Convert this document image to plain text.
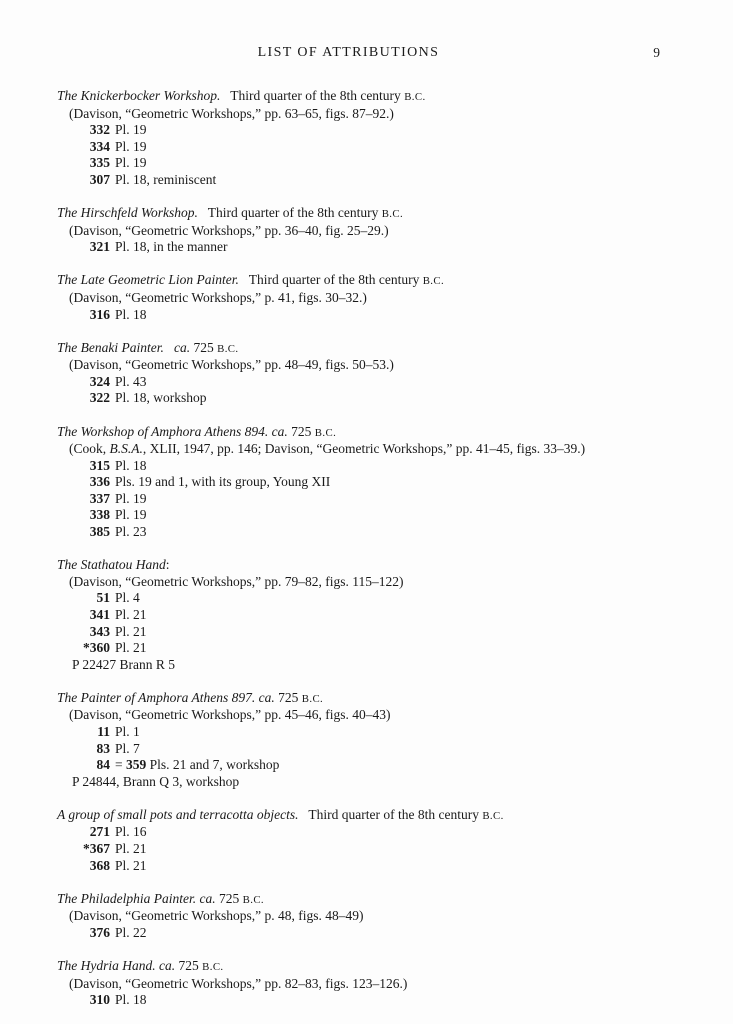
LIST OF ATTRIBUTIONS	9

The Knickerbocker Workshop.   Third quarter of the 8th century B.C.

(Davison, “Geometric Workshops,” pp. 63–65, figs. 87–92.)

332 Pl. 19
334 Pl. 19
335 Pl. 19
307 Pl. 18, reminiscent

The Hirschfeld Workshop.   Third quarter of the 8th century B.C.

(Davison, “Geometric Workshops,” pp. 36–40, fig. 25–29.)

321 Pl. 18, in the manner

The Late Geometric Lion Painter.   Third quarter of the 8th century B.C.

(Davison, “Geometric Workshops,” p. 41, figs. 30–32.)

316 Pl. 18

The Benaki Painter. ca. 725 B.C.

(Davison, “Geometric Workshops,” pp. 48–49, figs. 50–53.)

324 Pl. 43
322 Pl. 18, workshop

The Workshop of Amphora Athens 894. ca. 725 B.C.

(Cook, B.S.A., XLII, 1947, pp. 146; Davison, “Geometric Workshops,” pp. 41–45, figs. 33–39.)

315 Pl. 18
336 Pls. 19 and 1, with its group, Young XII
337 Pl. 19
338 Pl. 19
385 Pl. 23

The Stathatou Hand:

(Davison, “Geometric Workshops,” pp. 79–82, figs. 115–122)

51 Pl. 4
341 Pl. 21
343 Pl. 21
*360 Pl. 21

P 22427 Brann R 5

The Painter of Amphora Athens 897. ca. 725 B.C.

(Davison, “Geometric Workshops,” pp. 45–46, figs. 40–43)

11 Pl. 1
83 Pl. 7
84 = 359 Pls. 21 and 7, workshop

P 24844, Brann Q 3, workshop

A group of small pots and terracotta objects.   Third quarter of the 8th century B.C.

271 Pl. 16
*367 Pl. 21
368 Pl. 21

The Philadelphia Painter. ca. 725 B.C.

(Davison, “Geometric Workshops,” p. 48, figs. 48–49)

376 Pl. 22

The Hydria Hand. ca. 725 B.C.

(Davison, “Geometric Workshops,” pp. 82–83, figs. 123–126.)

310 Pl. 18
